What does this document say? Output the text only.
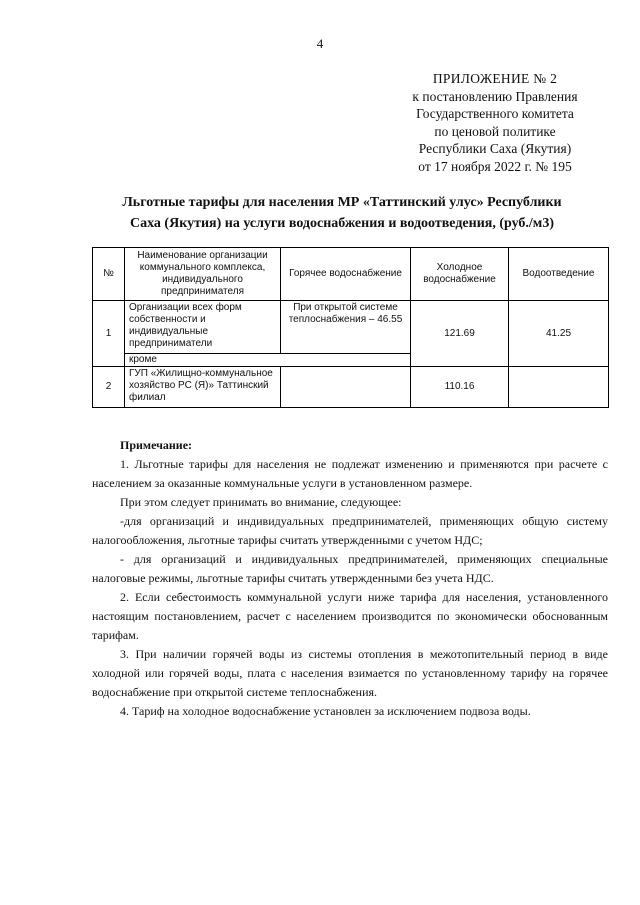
4
ПРИЛОЖЕНИЕ № 2
к постановлению Правления
Государственного комитета
по ценовой политике
Республики Саха (Якутия)
от 17 ноября 2022 г. № 195
Льготные тарифы для населения МР «Таттинский улус» Республики
Саха (Якутия) на услуги водоснабжения и водоотведения, (руб./м3)
№	Наименование организации коммунального комплекса, индивидуального предпринимателя	Горячее водоснабжение	Холодное водоснабжение	Водоотведение
1	Организации всех форм собственности и индивидуальные предприниматели	При открытой системе теплоснабжения – 46.55	121.69	41.25
	кроме			
2	ГУП «Жилищно-коммунальное хозяйство РС (Я)» Таттинский филиал		110.16	
Примечание:

1. Льготные тарифы для населения не подлежат изменению и применяются при расчете с населением за оказанные коммунальные услуги в установленном размере.

При этом следует принимать во внимание, следующее:

-для организаций и индивидуальных предпринимателей, применяющих общую систему налогообложения, льготные тарифы считать утвержденными с учетом НДС;

- для организаций и индивидуальных предпринимателей, применяющих специальные налоговые режимы, льготные тарифы считать утвержденными без учета НДС.

2. Если себестоимость коммунальной услуги ниже тарифа для населения, установленного настоящим постановлением, расчет с населением производится по экономически обоснованным тарифам.

3. При наличии горячей воды из системы отопления в межотопительный период в виде холодной или горячей воды, плата с населения взимается по установленному тарифу на горячее водоснабжение при открытой системе теплоснабжения.

4. Тариф на холодное водоснабжение установлен за исключением подвоза воды.
